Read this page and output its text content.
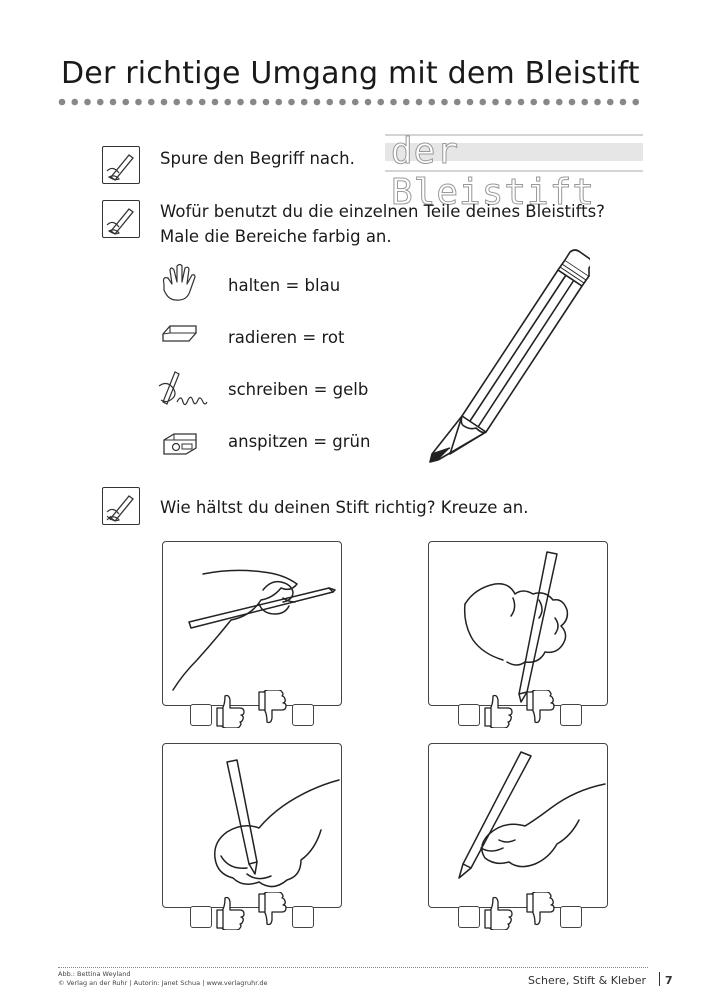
Der richtige Umgang mit dem Bleistift
Spure den Begriff nach. der Bleistift
Wofür benutzt du die einzelnen Teile deines Bleistifts?
Male die Bereiche farbig an.
halten = blau
radieren = rot
schreiben = gelb
anspitzen = grün
Wie hältst du deinen Stift richtig? Kreuze an.
Abb.: Bettina Weyland
© Verlag an der Ruhr | Autorin: Janet Schua | www.verlagruhr.de	Schere, Stift & Kleber 7
